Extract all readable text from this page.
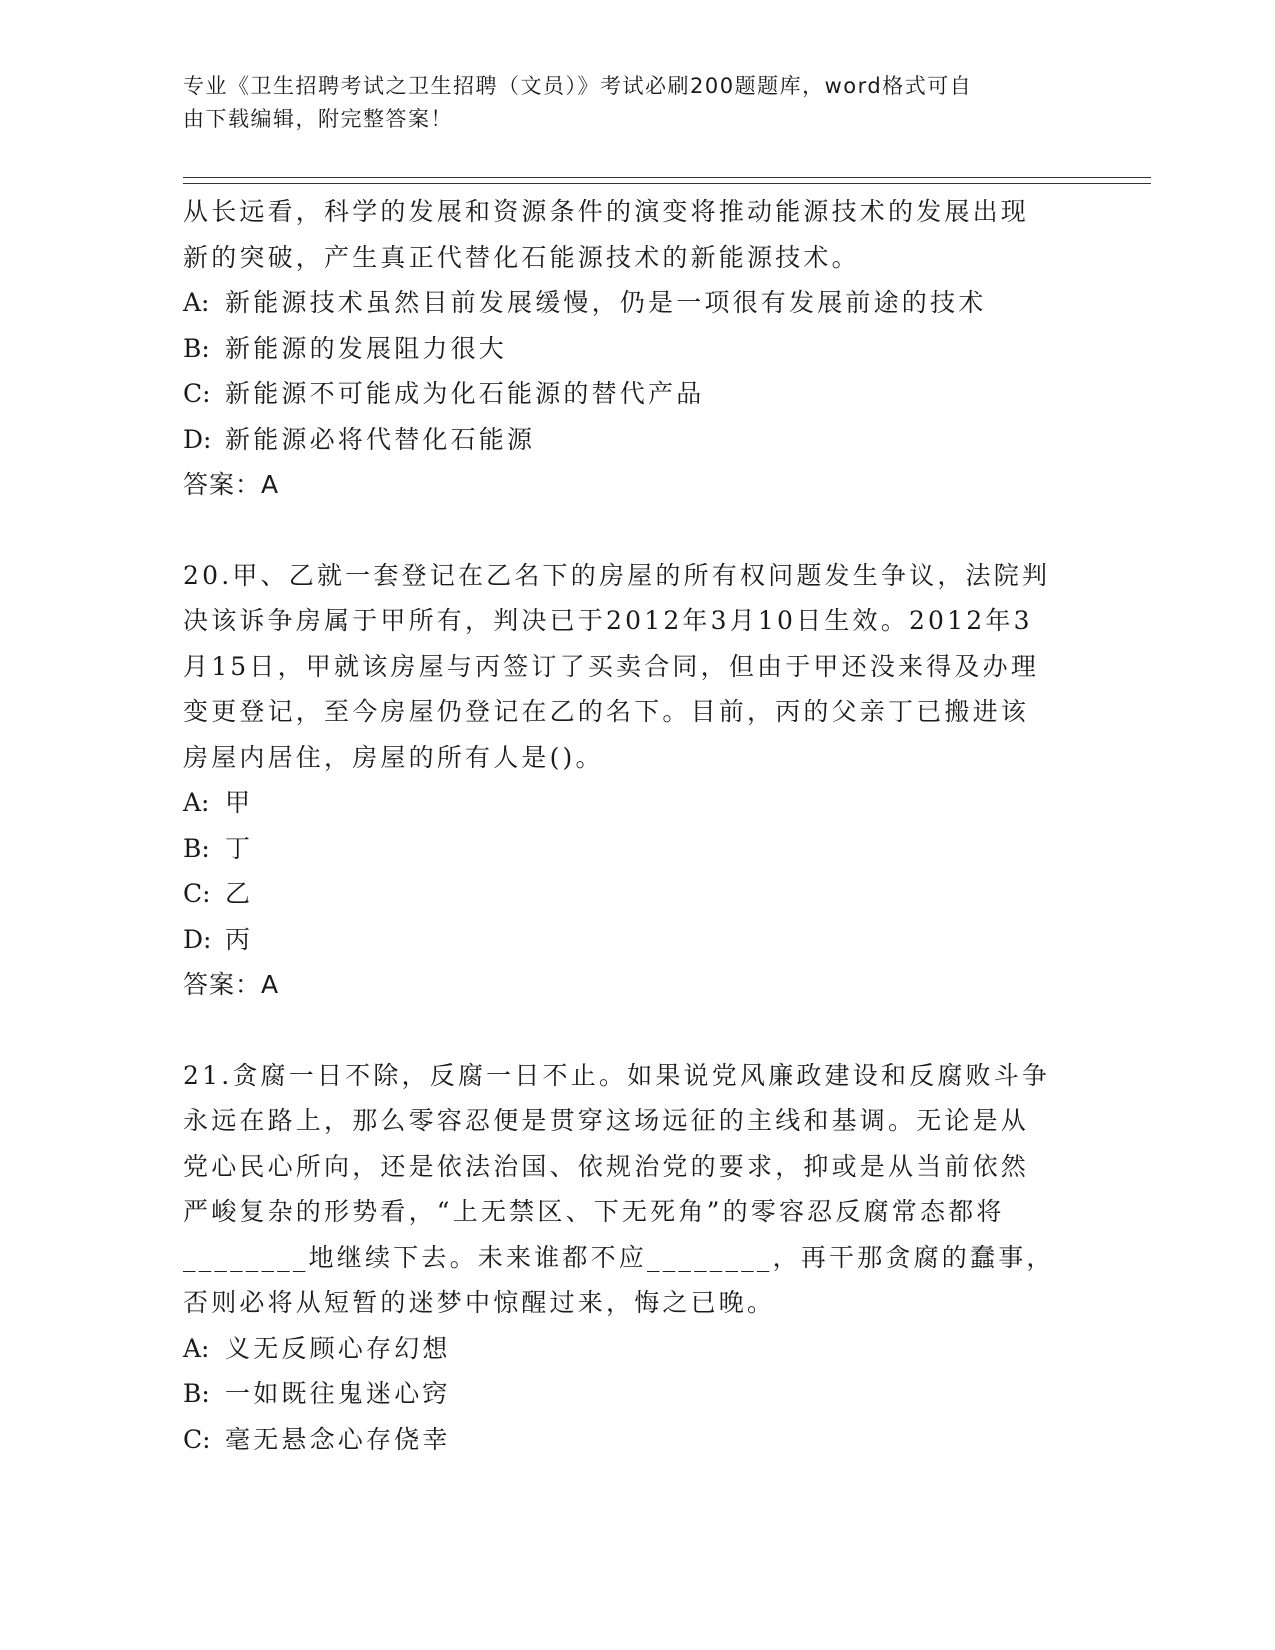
专业《卫生招聘考试之卫生招聘（文员）》考试必刷200题题库，word格式可自
由下载编辑，附完整答案！

从长远看，科学的发展和资源条件的演变将推动能源技术的发展出现

新的突破，产生真正代替化石能源技术的新能源技术。

A: 新能源技术虽然目前发展缓慢，仍是一项很有发展前途的技术
B: 新能源的发展阻力很大
C: 新能源不可能成为化石能源的替代产品
D: 新能源必将代替化石能源

答案：A

20.甲、乙就一套登记在乙名下的房屋的所有权问题发生争议，法院判

决该诉争房属于甲所有，判决已于2012年3月10日生效。2012年3

月15日，甲就该房屋与丙签订了买卖合同，但由于甲还没来得及办理

变更登记，至今房屋仍登记在乙的名下。目前，丙的父亲丁已搬进该

房屋内居住，房屋的所有人是()。

A: 甲
B: 丁
C: 乙
D: 丙

答案：A

21.贪腐一日不除，反腐一日不止。如果说党风廉政建设和反腐败斗争

永远在路上，那么零容忍便是贯穿这场远征的主线和基调。无论是从

党心民心所向，还是依法治国、依规治党的要求，抑或是从当前依然

严峻复杂的形势看，“上无禁区、下无死角”的零容忍反腐常态都将

________地继续下去。未来谁都不应________，再干那贪腐的蠢事，

否则必将从短暂的迷梦中惊醒过来，悔之已晚。

A: 义无反顾心存幻想
B: 一如既往鬼迷心窍
C: 毫无悬念心存侥幸
